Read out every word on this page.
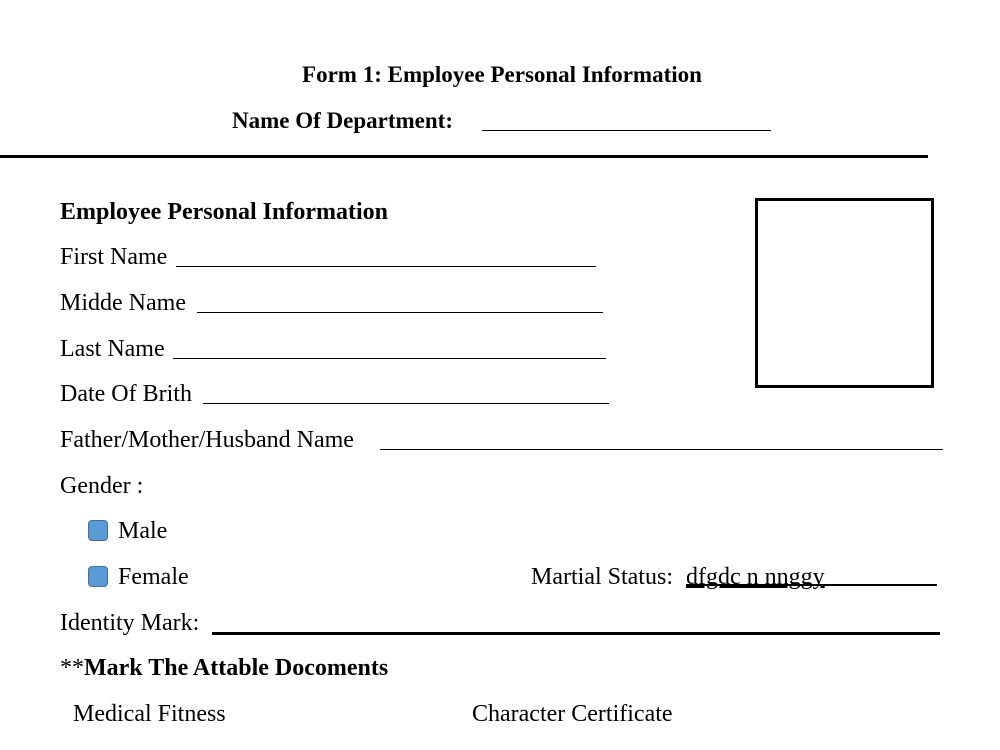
Form 1: Employee Personal Information
Name Of Department:
Employee Personal Information
First Name
Midde Name
Last Name
Date Of Brith
Father/Mother/Husband Name
Gender :
Male
Female	Martial Status: dfgdc n nnggy
Identity Mark:
**Mark The Attable Docoments
Medical Fitness	Character Certificate
